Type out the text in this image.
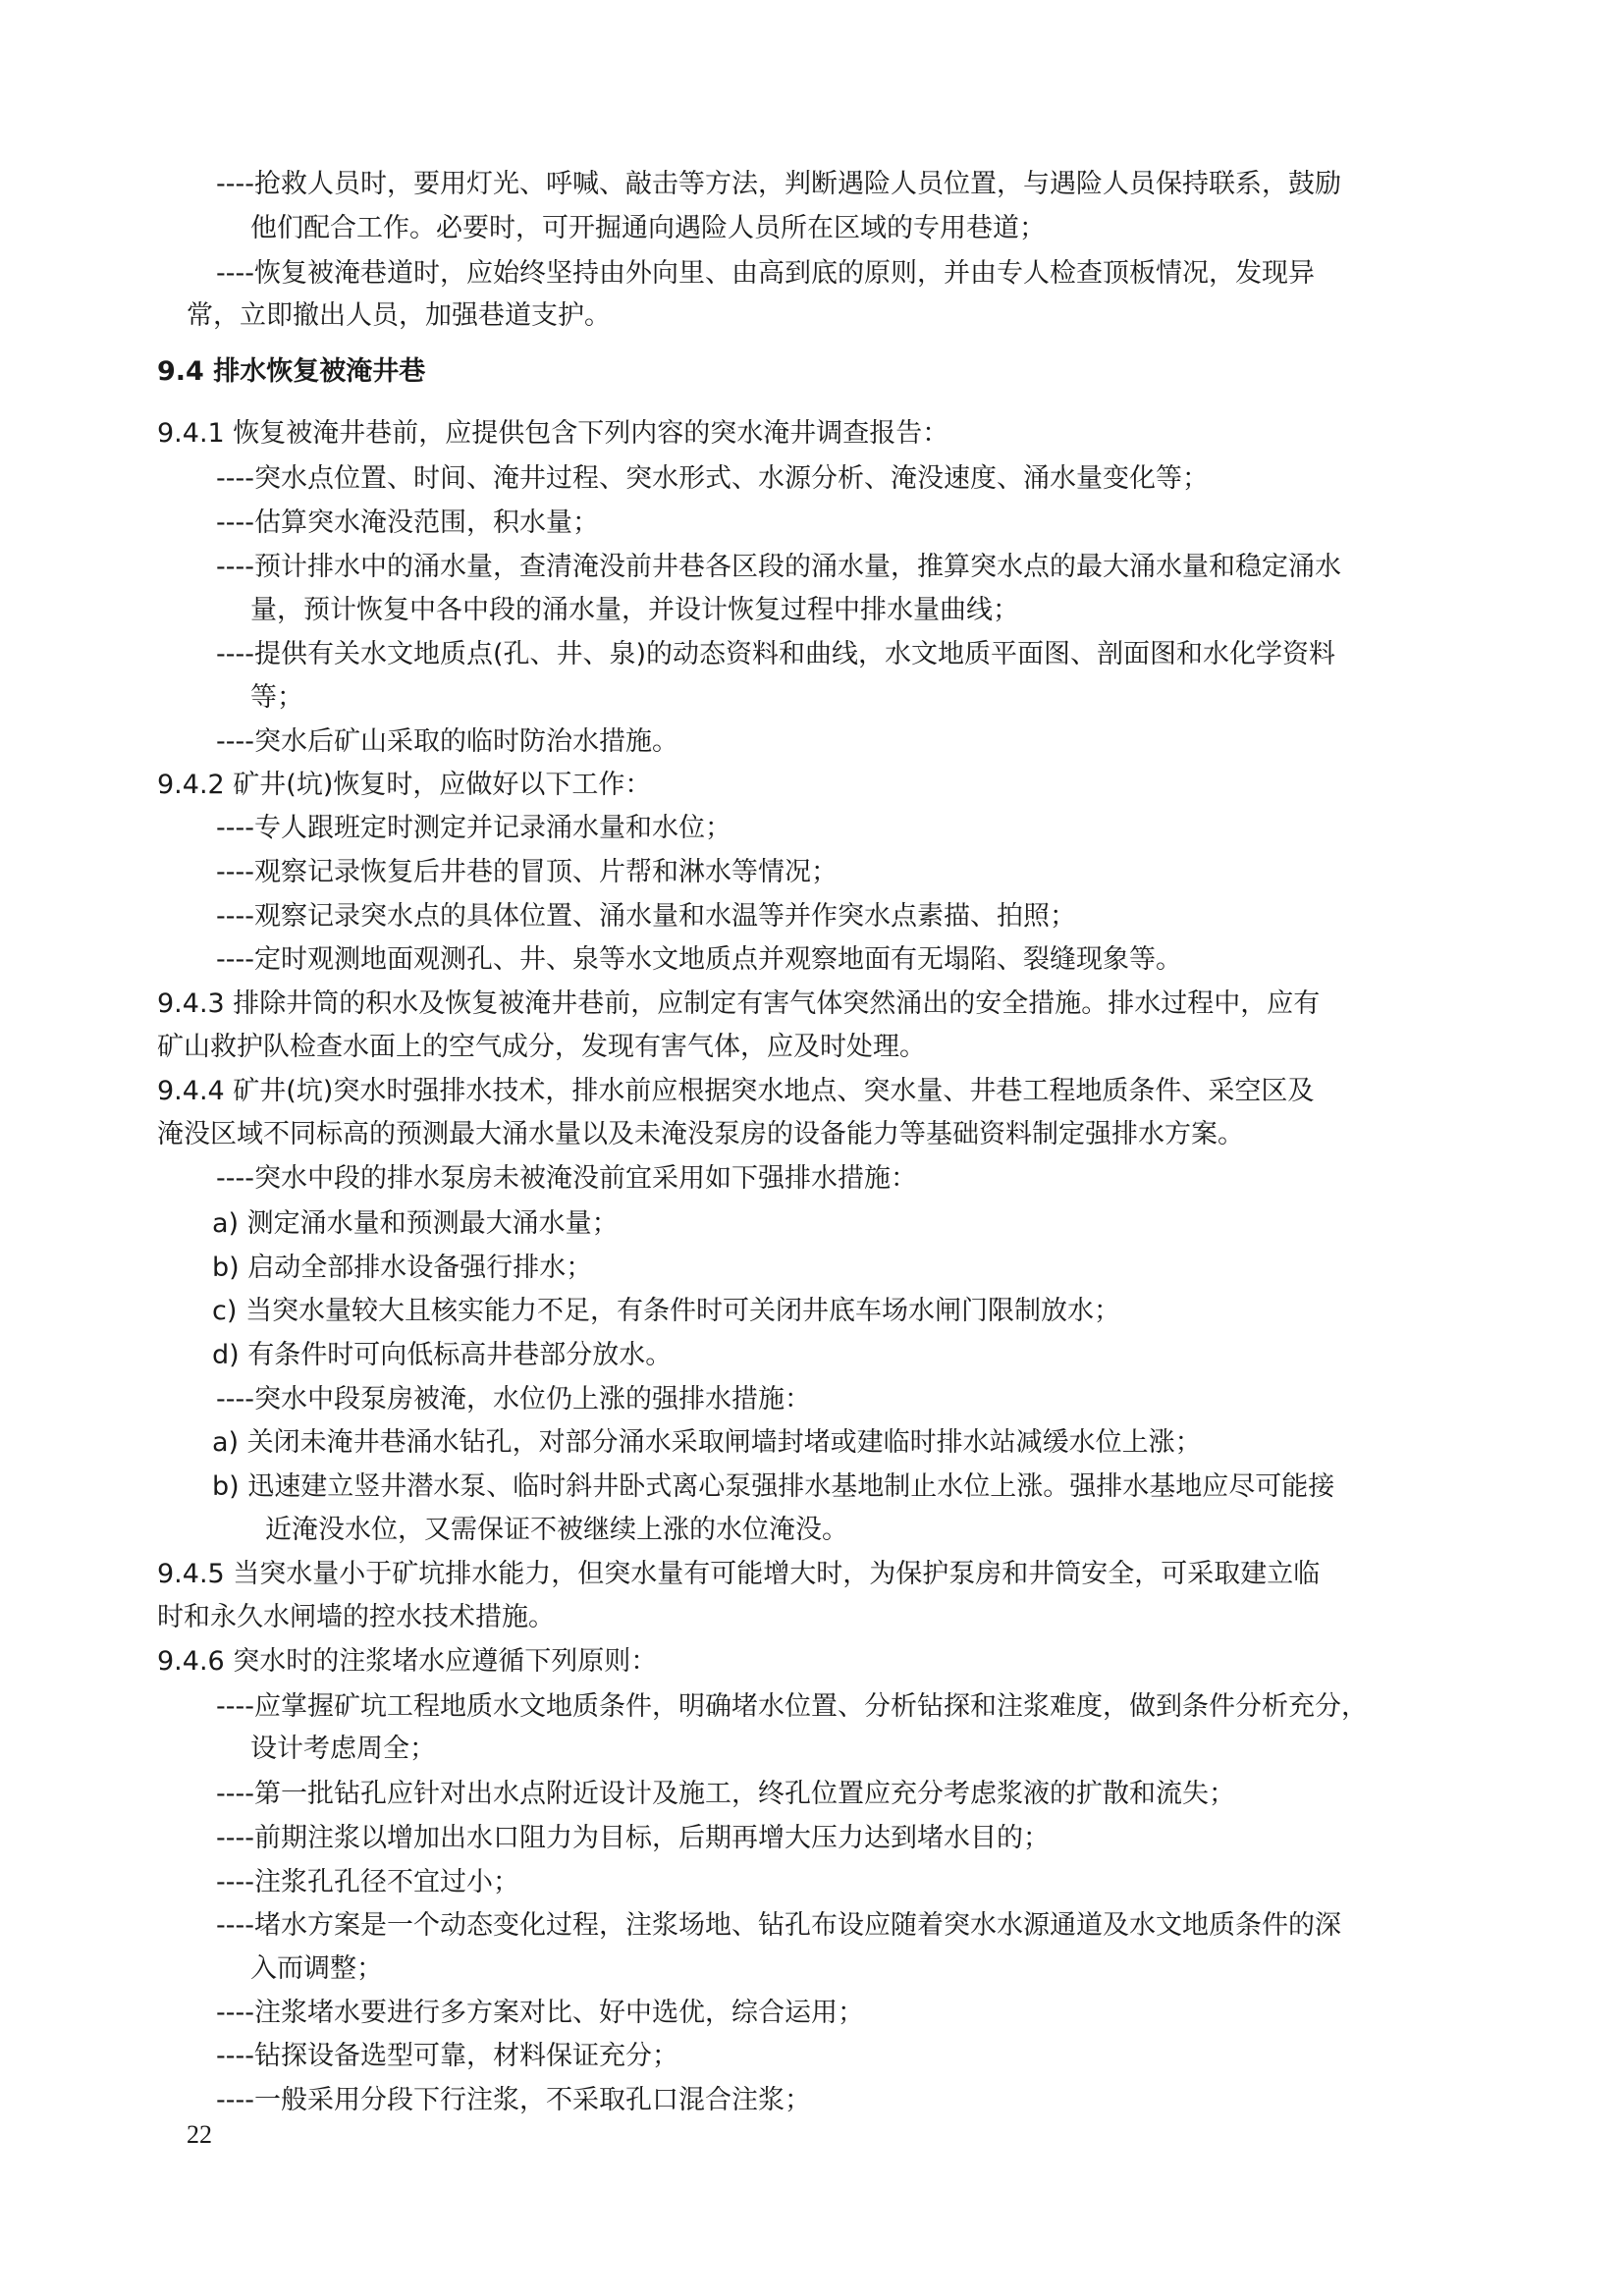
----抢救人员时，要用灯光、呼喊、敲击等方法，判断遇险人员位置，与遇险人员保持联系，鼓励
他们配合工作。必要时，可开掘通向遇险人员所在区域的专用巷道；
----恢复被淹巷道时，应始终坚持由外向里、由高到底的原则，并由专人检查顶板情况，发现异
常，立即撤出人员，加强巷道支护。
9.4 排水恢复被淹井巷
9.4.1 恢复被淹井巷前，应提供包含下列内容的突水淹井调查报告：
----突水点位置、时间、淹井过程、突水形式、水源分析、淹没速度、涌水量变化等；
----估算突水淹没范围，积水量；
----预计排水中的涌水量，查清淹没前井巷各区段的涌水量，推算突水点的最大涌水量和稳定涌水
量，预计恢复中各中段的涌水量，并设计恢复过程中排水量曲线；
----提供有关水文地质点(孔、井、泉)的动态资料和曲线，水文地质平面图、剖面图和水化学资料
等；
----突水后矿山采取的临时防治水措施。
9.4.2 矿井(坑)恢复时，应做好以下工作：
----专人跟班定时测定并记录涌水量和水位；
----观察记录恢复后井巷的冒顶、片帮和淋水等情况；
----观察记录突水点的具体位置、涌水量和水温等并作突水点素描、拍照；
----定时观测地面观测孔、井、泉等水文地质点并观察地面有无塌陷、裂缝现象等。
9.4.3 排除井筒的积水及恢复被淹井巷前，应制定有害气体突然涌出的安全措施。排水过程中，应有
矿山救护队检查水面上的空气成分，发现有害气体，应及时处理。
9.4.4 矿井(坑)突水时强排水技术，排水前应根据突水地点、突水量、井巷工程地质条件、采空区及
淹没区域不同标高的预测最大涌水量以及未淹没泵房的设备能力等基础资料制定强排水方案。
----突水中段的排水泵房未被淹没前宜采用如下强排水措施：
a) 测定涌水量和预测最大涌水量；
b) 启动全部排水设备强行排水；
c) 当突水量较大且核实能力不足，有条件时可关闭井底车场水闸门限制放水；
d) 有条件时可向低标高井巷部分放水。
----突水中段泵房被淹，水位仍上涨的强排水措施：
a) 关闭未淹井巷涌水钻孔，对部分涌水采取闸墙封堵或建临时排水站减缓水位上涨；
b) 迅速建立竖井潜水泵、临时斜井卧式离心泵强排水基地制止水位上涨。强排水基地应尽可能接
近淹没水位，又需保证不被继续上涨的水位淹没。
9.4.5 当突水量小于矿坑排水能力，但突水量有可能增大时，为保护泵房和井筒安全，可采取建立临
时和永久水闸墙的控水技术措施。
9.4.6 突水时的注浆堵水应遵循下列原则：
----应掌握矿坑工程地质水文地质条件，明确堵水位置、分析钻探和注浆难度，做到条件分析充分，
设计考虑周全；
----第一批钻孔应针对出水点附近设计及施工，终孔位置应充分考虑浆液的扩散和流失；
----前期注浆以增加出水口阻力为目标，后期再增大压力达到堵水目的；
----注浆孔孔径不宜过小；
----堵水方案是一个动态变化过程，注浆场地、钻孔布设应随着突水水源通道及水文地质条件的深
入而调整；
----注浆堵水要进行多方案对比、好中选优，综合运用；
----钻探设备选型可靠，材料保证充分；
----一般采用分段下行注浆，不采取孔口混合注浆；
22
